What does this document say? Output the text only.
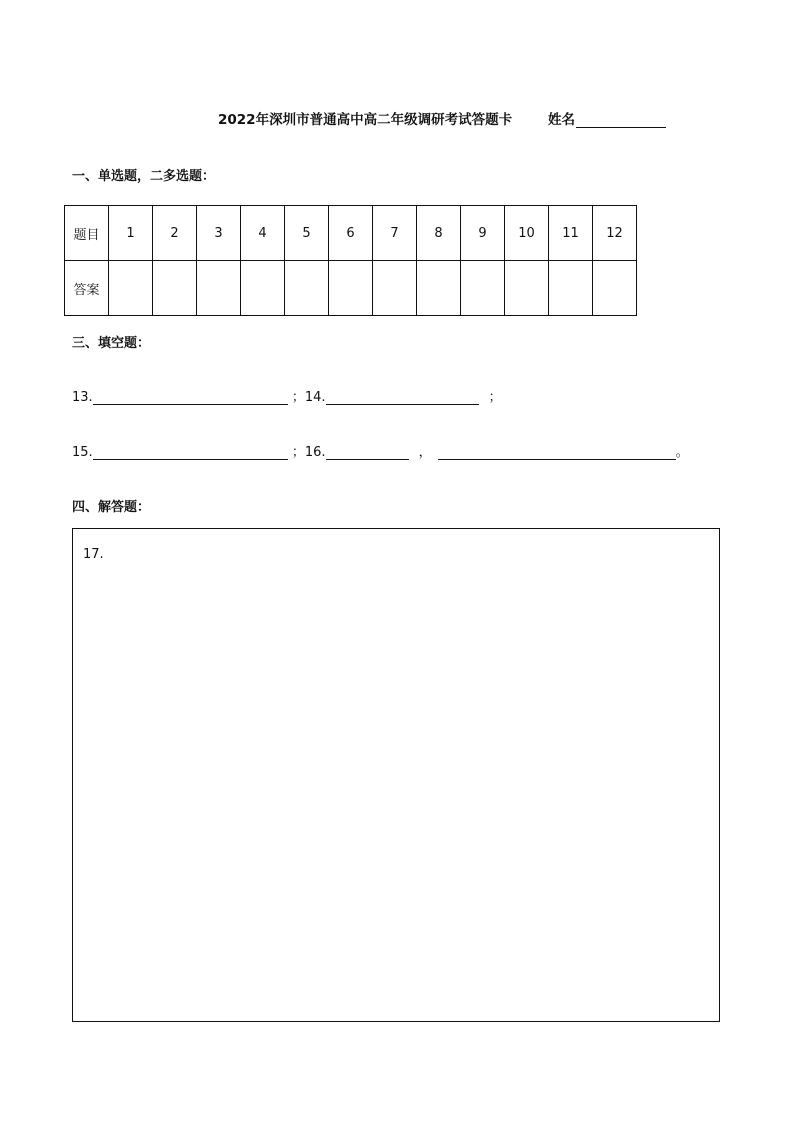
2022年深圳市普通高中高二年级调研考试答题卡	姓名
一、单选题，二多选题：
题目	1	2	3	4	5	6	7	8	9	10	11	12
答案												
三、填空题：
13.	；14.	；
15.	；16.	，	。
四、解答题：
17.
